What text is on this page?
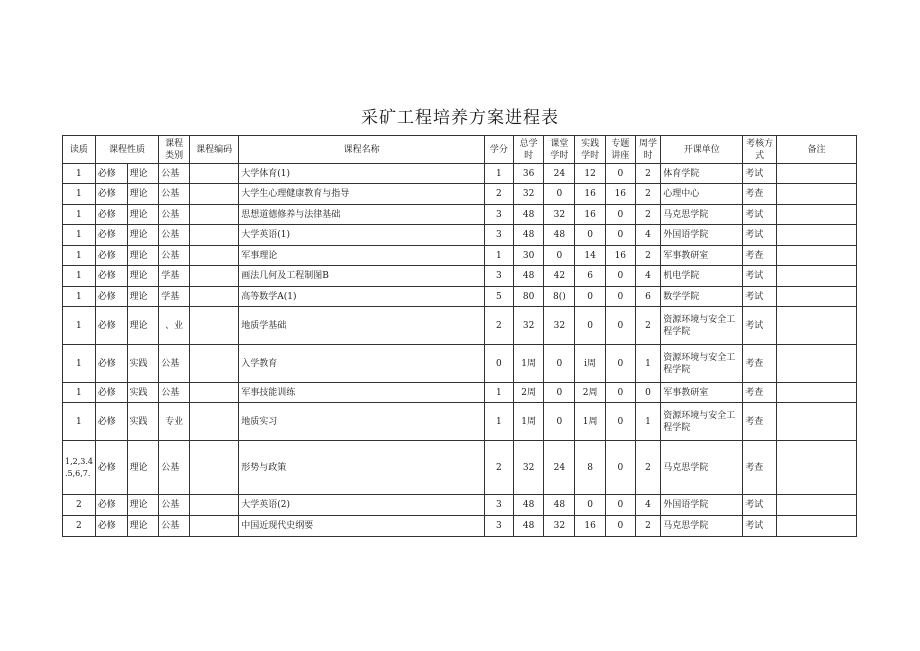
采矿工程培养方案进程表
读质	课程性质		课程类别	课程编码	课程名称	学分	总学时	课堂学时	实践学时	专题讲座	周学时	开课单位	考核方式	备注
1	必修	理论	公基		大学体育(1)	1	36	24	12	0	2	体育学院	考试	
1	必修	理论	公基		大学生心理健康教育与指导	2	32	0	16	16	2	心理中心	考查	
1	必修	理论	公基		思想道德修养与法律基础	3	48	32	16	0	2	马克思学院	考试	
1	必修	理论	公基		大学英语(1)	3	48	48	0	0	4	外国语学院	考试	
1	必修	理论	公基		军事理论	1	30	0	14	16	2	军事教研室	考查	
1	必修	理论	学基		画法几何及工程制图B	3	48	42	6	0	4	机电学院	考试	
1	必修	理论	学基		高等数学A(1)	5	80	8()	0	0	6	数学学院	考试	
1	必修	理论	、业		地质学基础	2	32	32	0	0	2	资源环境与安全工程学院	考试	
1	必修	实践	公基		入学教育	0	1周	0	i周	0	1	资源环境与安全工程学院	考查	
1	必修	实践	公基		军事技能训练	1	2周	0	2周	0	0	军事教研室	考查	
1	必修	实践	专业		地质实习	1	1周	0	1周	0	1	资源环境与安全工程学院	考查	
1,2,3.4
.5,6,7.	必修	理论	公基		形势与政策	2	32	24	8	0	2	马克思学院	考查	
2	必修	理论	公基		大学英语(2)	3	48	48	0	0	4	外国语学院	考试	
2	必修	理论	公基		中国近现代史纲要	3	48	32	16	0	2	马克思学院	考试	
